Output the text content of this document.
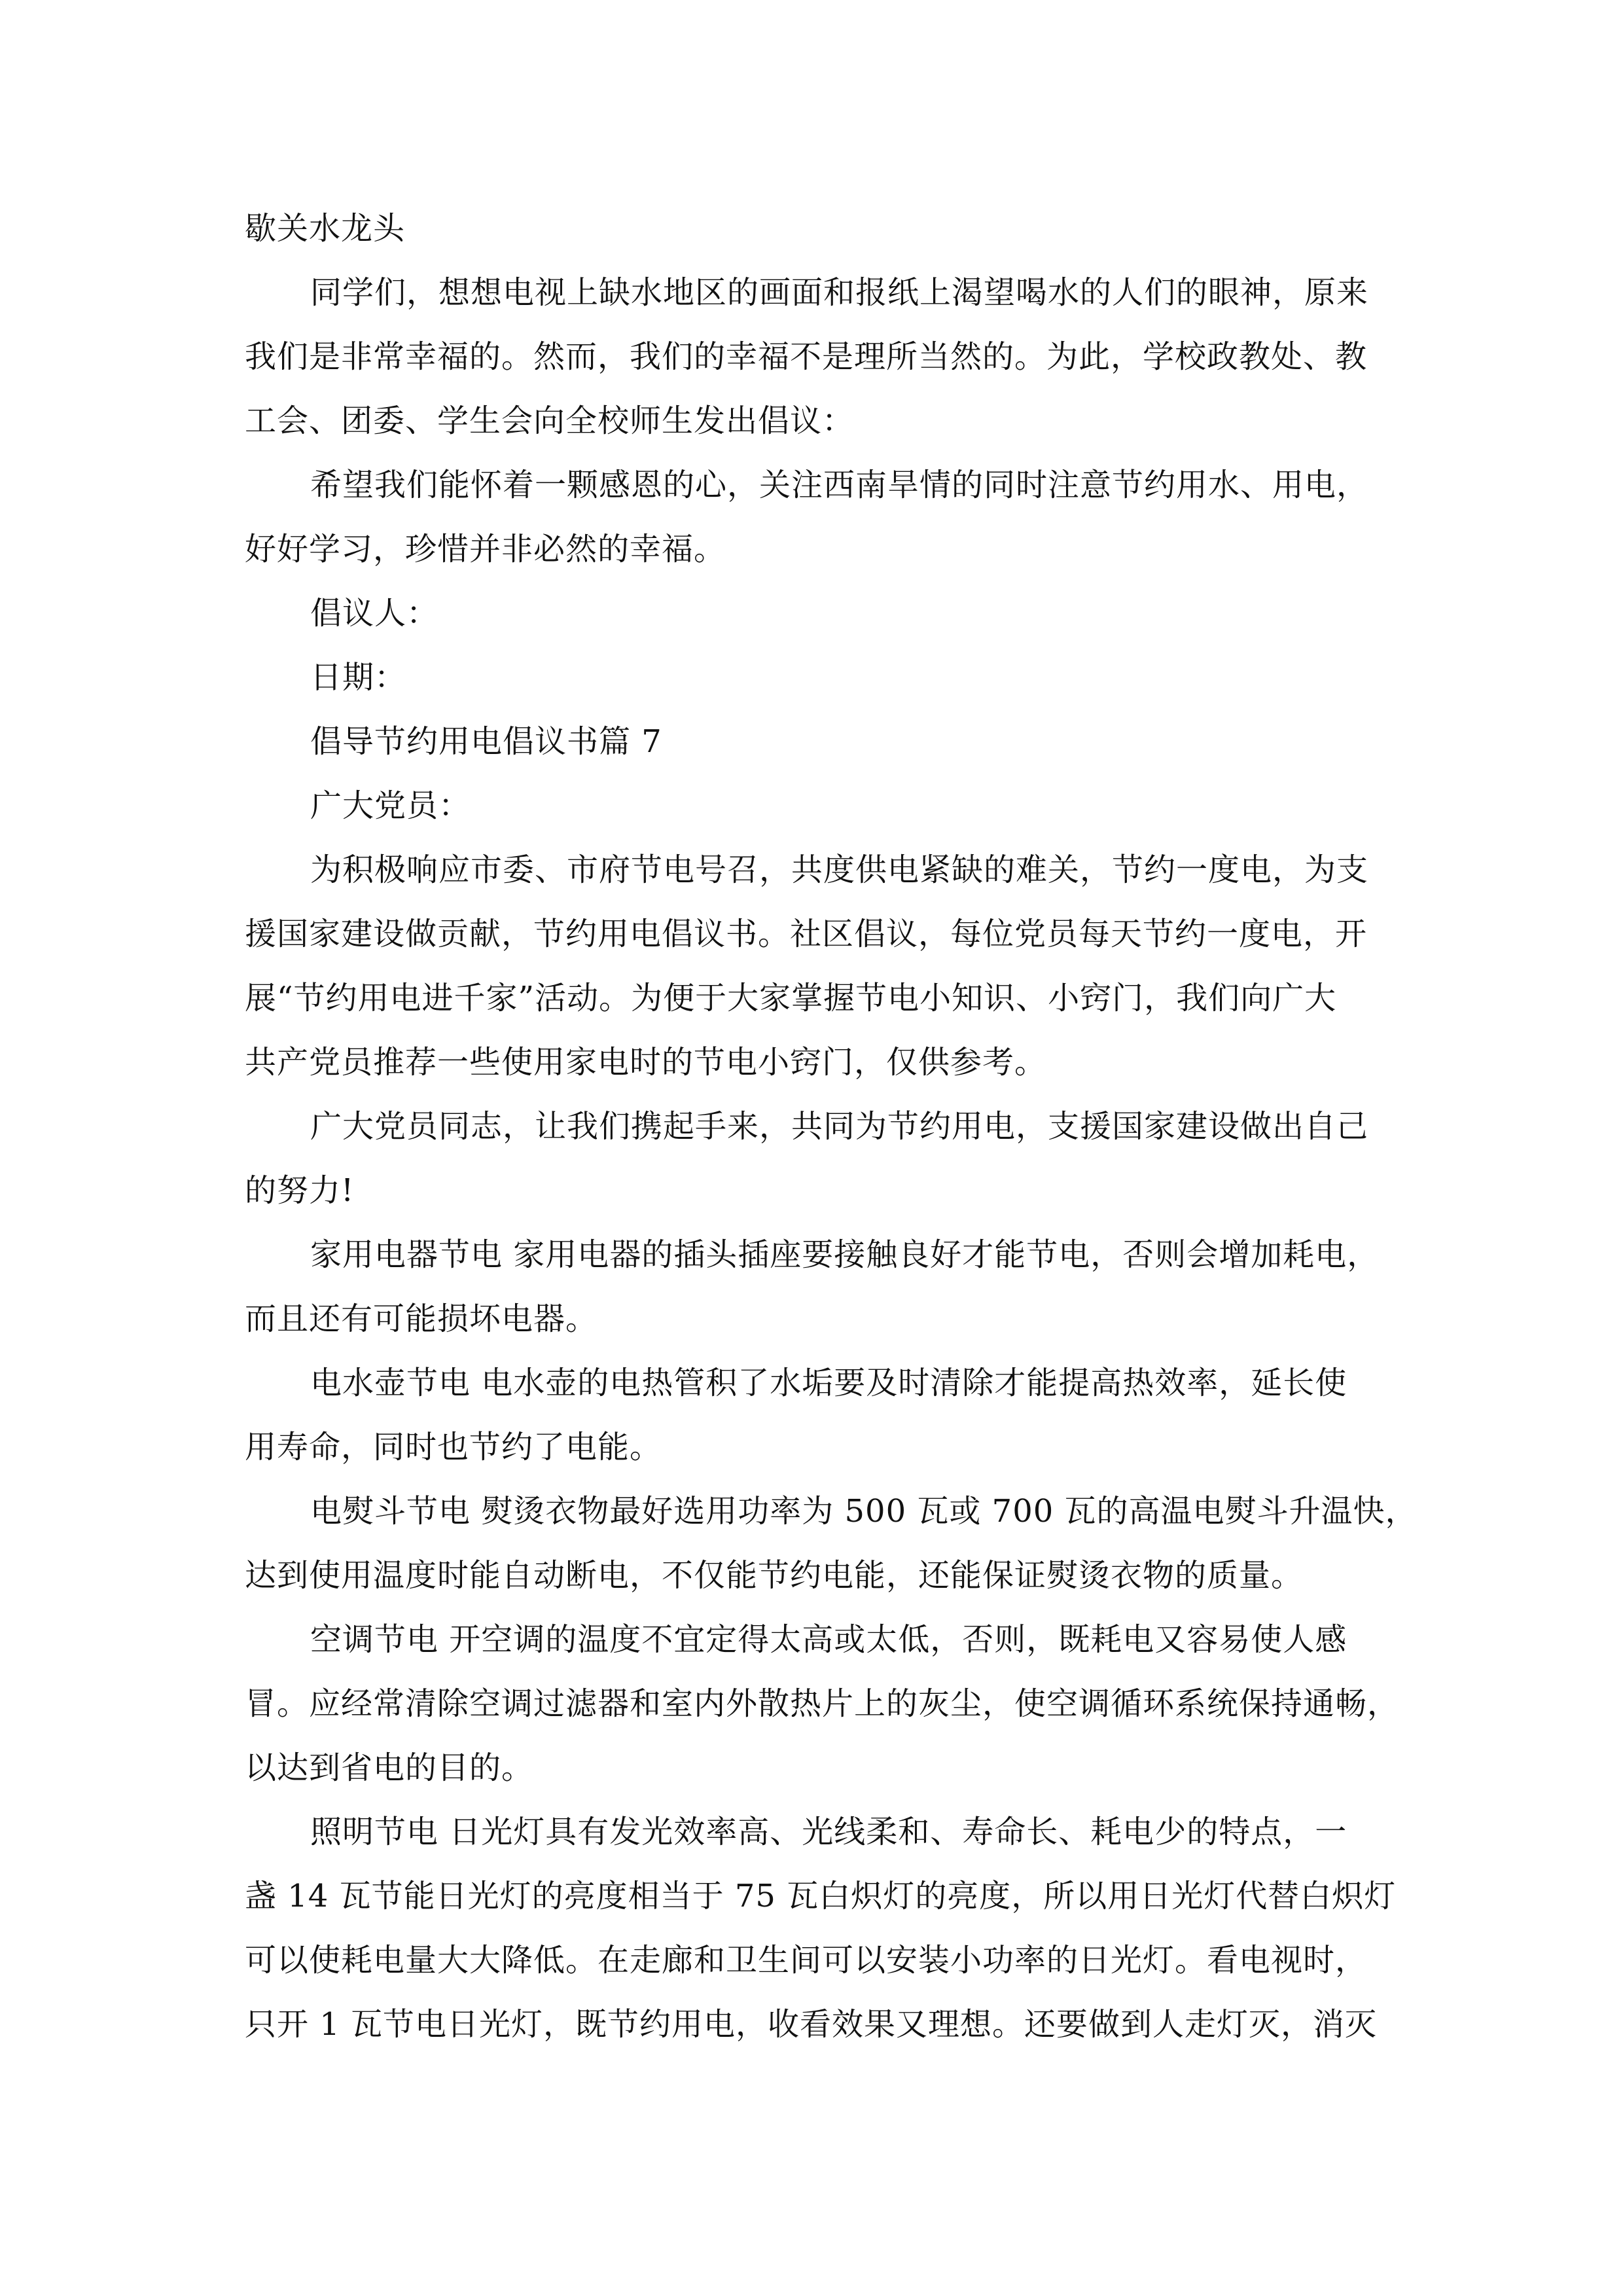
歇关水龙头
同学们，想想电视上缺水地区的画面和报纸上渴望喝水的人们的眼神，原来
我们是非常幸福的。然而，我们的幸福不是理所当然的。为此，学校政教处、教
工会、团委、学生会向全校师生发出倡议：
希望我们能怀着一颗感恩的心，关注西南旱情的同时注意节约用水、用电，
好好学习，珍惜并非必然的幸福。
倡议人：
日期：
倡导节约用电倡议书篇 7
广大党员：
为积极响应市委、市府节电号召，共度供电紧缺的难关，节约一度电，为支
援国家建设做贡献，节约用电倡议书。社区倡议，每位党员每天节约一度电，开
展“节约用电进千家”活动。为便于大家掌握节电小知识、小窍门，我们向广大
共产党员推荐一些使用家电时的节电小窍门，仅供参考。
广大党员同志，让我们携起手来，共同为节约用电，支援国家建设做出自己
的努力!
家用电器节电 家用电器的插头插座要接触良好才能节电，否则会增加耗电，
而且还有可能损坏电器。
电水壶节电 电水壶的电热管积了水垢要及时清除才能提高热效率，延长使
用寿命，同时也节约了电能。
电熨斗节电 熨烫衣物最好选用功率为 500 瓦或 700 瓦的高温电熨斗升温快，
达到使用温度时能自动断电，不仅能节约电能，还能保证熨烫衣物的质量。
空调节电 开空调的温度不宜定得太高或太低，否则，既耗电又容易使人感
冒。应经常清除空调过滤器和室内外散热片上的灰尘，使空调循环系统保持通畅，
以达到省电的目的。
照明节电 日光灯具有发光效率高、光线柔和、寿命长、耗电少的特点，一
盏 14 瓦节能日光灯的亮度相当于 75 瓦白炽灯的亮度，所以用日光灯代替白炽灯
可以使耗电量大大降低。在走廊和卫生间可以安装小功率的日光灯。看电视时，
只开 1 瓦节电日光灯，既节约用电，收看效果又理想。还要做到人走灯灭，消灭
